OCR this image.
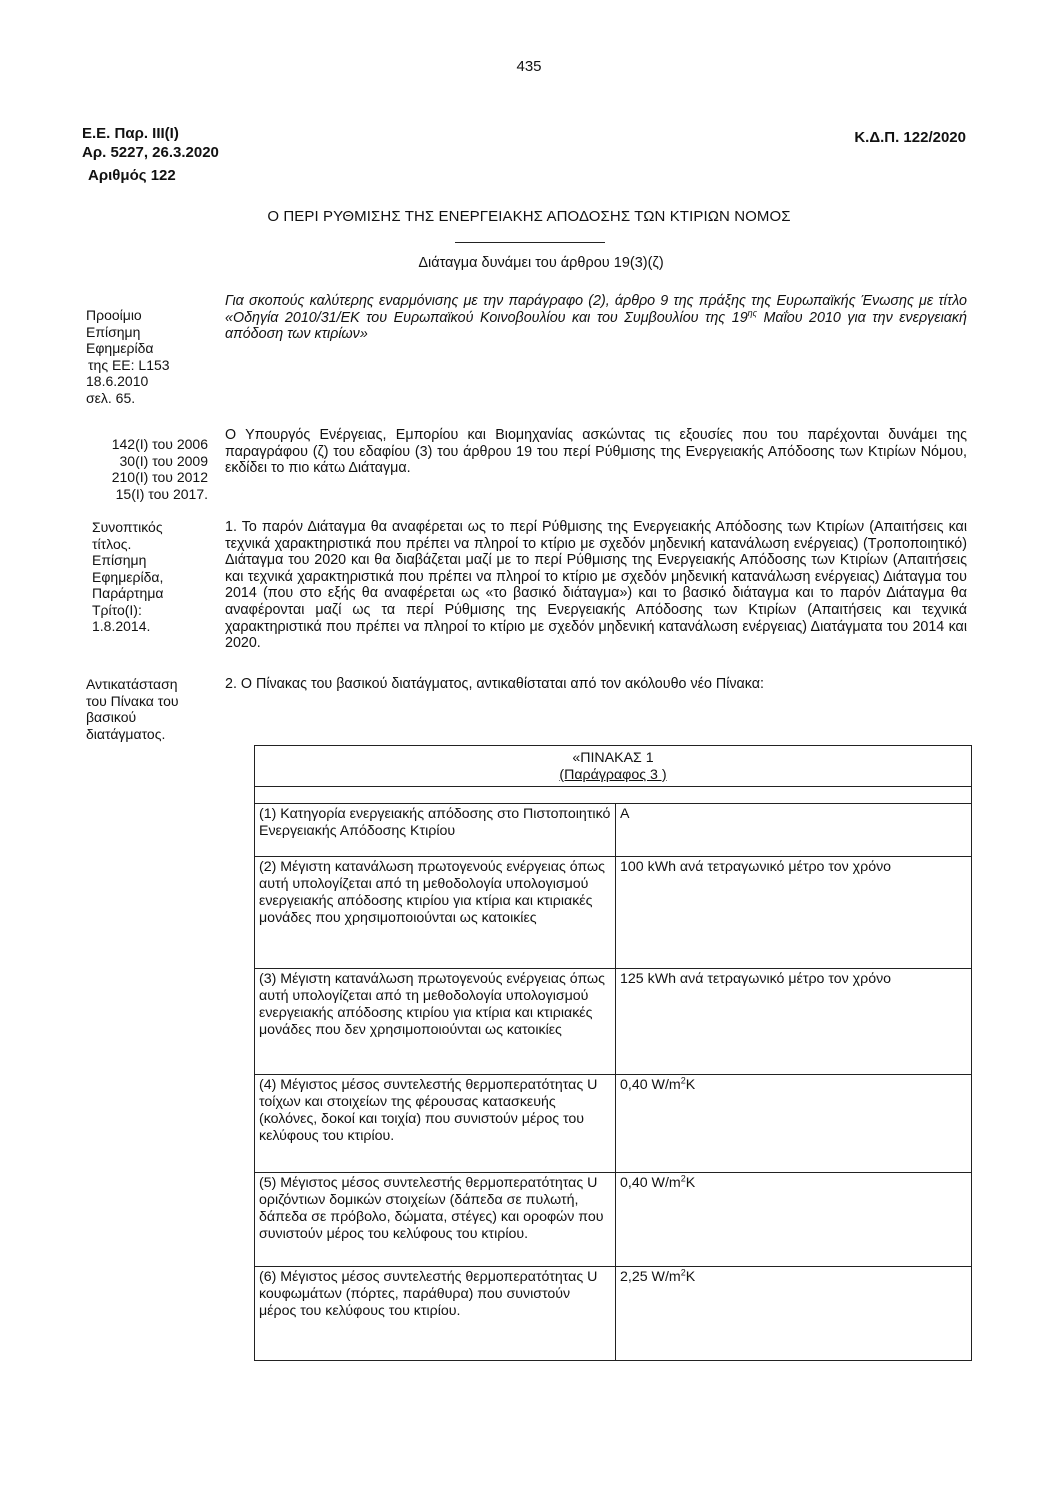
435
Ε.Ε. Παρ. ΙΙΙ(Ι)
Αρ. 5227, 26.3.2020
Αριθμός 122
Κ.Δ.Π. 122/2020
Ο ΠΕΡΙ ΡΥΘΜΙΣΗΣ ΤΗΣ ΕΝΕΡΓΕΙΑΚΗΣ ΑΠΟΔΟΣΗΣ ΤΩΝ ΚΤΙΡΙΩΝ ΝΟΜΟΣ
Διάταγμα δυνάμει του άρθρου 19(3)(ζ)
Προοίμιο
Επίσημη
Εφημερίδα
της ΕΕ: L153
18.6.2010
σελ. 65.

Για σκοπούς καλύτερης εναρμόνισης με την παράγραφο (2), άρθρο 9 της πράξης της Ευρωπαϊκής Ένωσης με τίτλο «Οδηγία 2010/31/ΕΚ του Ευρωπαϊκού Κοινοβουλίου και του Συμβουλίου της $19^{\eta\varsigma}$ Μαΐου 2010 για την ενεργειακή απόδοση των κτιρίων»

142(Ι) του 2006
30(Ι) του 2009
210(Ι) του 2012
15(Ι) του 2017.

Ο Υπουργός Ενέργειας, Εμπορίου και Βιομηχανίας ασκώντας τις εξουσίες που του παρέχονται δυνάμει της παραγράφου (ζ) του εδαφίου (3) του άρθρου 19 του περί Ρύθμισης της Ενεργειακής Απόδοσης των Κτιρίων Νόμου, εκδίδει το πιο κάτω Διάταγμα.

Συνοπτικός
τίτλος.
Επίσημη
Εφημερίδα,
Παράρτημα
Τρίτο(Ι):
1.8.2014.

1. Το παρόν Διάταγμα θα αναφέρεται ως το περί Ρύθμισης της Ενεργειακής Απόδοσης των Κτιρίων (Απαιτήσεις και τεχνικά χαρακτηριστικά που πρέπει να πληροί το κτίριο με σχεδόν μηδενική κατανάλωση ενέργειας) (Τροποποιητικό) Διάταγμα του 2020 και θα διαβάζεται μαζί με το περί Ρύθμισης της Ενεργειακής Απόδοσης των Κτιρίων (Απαιτήσεις και τεχνικά χαρακτηριστικά που πρέπει να πληροί το κτίριο με σχεδόν μηδενική κατανάλωση ενέργειας) Διάταγμα του 2014 (που στο εξής θα αναφέρεται ως «το βασικό διάταγμα») και το βασικό διάταγμα και το παρόν Διάταγμα θα αναφέρονται μαζί ως τα περί Ρύθμισης της Ενεργειακής Απόδοσης των Κτιρίων (Απαιτήσεις και τεχνικά χαρακτηριστικά που πρέπει να πληροί το κτίριο με σχεδόν μηδενική κατανάλωση ενέργειας) Διατάγματα του 2014 και 2020.

Αντικατάσταση
του Πίνακα του
βασικού
διατάγματος.

2. Ο Πίνακας του βασικού διατάγματος, αντικαθίσταται από τον ακόλουθο νέο Πίνακα:

«ΠΙΝΑΚΑΣ 1
(Παράγραφος 3 )	

(1) Κατηγορία ενεργειακής απόδοσης στο Πιστοποιητικό Ενεργειακής Απόδοσης Κτιρίου	A
(2) Μέγιστη κατανάλωση πρωτογενούς ενέργειας όπως αυτή υπολογίζεται από τη μεθοδολογία υπολογισμού ενεργειακής απόδοσης κτιρίου για κτίρια και κτιριακές μονάδες που χρησιμοποιούνται ως κατοικίες	100 kWh ανά τετραγωνικό μέτρο τον χρόνο
(3) Μέγιστη κατανάλωση πρωτογενούς ενέργειας όπως αυτή υπολογίζεται από τη μεθοδολογία υπολογισμού ενεργειακής απόδοσης κτιρίου για κτίρια και κτιριακές μονάδες που δεν χρησιμοποιούνται ως κατοικίες	125 kWh ανά τετραγωνικό μέτρο τον χρόνο
(4) Μέγιστος μέσος συντελεστής θερμοπερατότητας U τοίχων και στοιχείων της φέρουσας κατασκευής (κολόνες, δοκοί και τοιχία) που συνιστούν μέρος του κελύφους του κτιρίου.	0,40 $W/m^2K$
(5) Μέγιστος μέσος συντελεστής θερμοπερατότητας U οριζόντιων δομικών στοιχείων (δάπεδα σε πυλωτή, δάπεδα σε πρόβολο, δώματα, στέγες) και οροφών που συνιστούν μέρος του κελύφους του κτιρίου.	0,40 $W/m^2K$
(6) Μέγιστος μέσος συντελεστής θερμοπερατότητας U κουφωμάτων (πόρτες, παράθυρα) που συνιστούν μέρος του κελύφους του κτιρίου.	2,25 $W/m^2K$
